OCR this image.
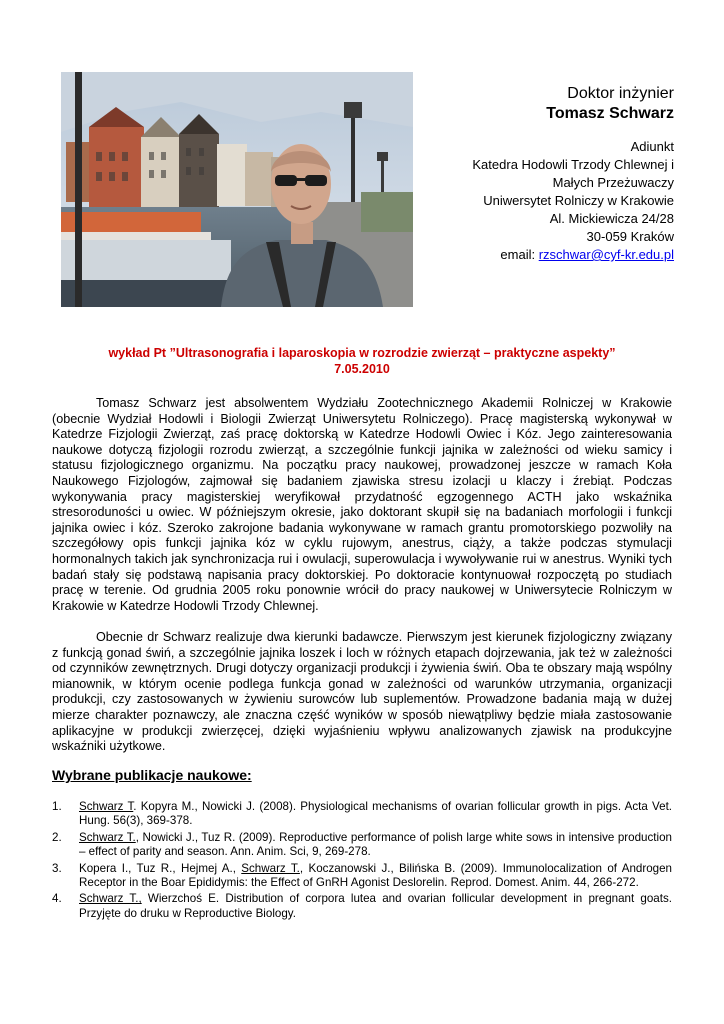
Doktor inżynier
Tomasz Schwarz
Adiunkt
Katedra Hodowli Trzody Chlewnej i
Małych Przeżuwaczy
Uniwersytet Rolniczy w Krakowie
Al. Mickiewicza 24/28
30-059 Kraków
email: rzschwar@cyf-kr.edu.pl
wykład Pt ”Ultrasonografia i laparoskopia w rozrodzie zwierząt – praktyczne aspekty”
7.05.2010

Tomasz Schwarz jest absolwentem Wydziału Zootechnicznego Akademii Rolniczej w Krakowie (obecnie Wydział Hodowli i Biologii Zwierząt Uniwersytetu Rolniczego). Pracę magisterską wykonywał w Katedrze Fizjologii Zwierząt, zaś pracę doktorską w Katedrze Hodowli Owiec i Kóz. Jego zainteresowania naukowe dotyczą fizjologii rozrodu zwierząt, a szczególnie funkcji jajnika w zależności od wieku samicy i statusu fizjologicznego organizmu. Na początku pracy naukowej, prowadzonej jeszcze w ramach Koła Naukowego Fizjologów, zajmował się badaniem zjawiska stresu izolacji u klaczy i źrebiąt. Podczas wykonywania pracy magisterskiej weryfikował przydatność egzogennego ACTH jako wskaźnika stresoroduności u owiec. W późniejszym okresie, jako doktorant skupił się na badaniach morfologii i funkcji jajnika owiec i kóz. Szeroko zakrojone badania wykonywane w ramach grantu promotorskiego pozwoliły na szczegółowy opis funkcji jajnika kóz w cyklu rujowym, anestrus, ciąży, a także podczas stymulacji hormonalnych takich jak synchronizacja rui i owulacji, superowulacja i wywoływanie rui w anestrus. Wyniki tych badań stały się podstawą napisania pracy doktorskiej. Po doktoracie kontynuował rozpoczętą po studiach pracę w terenie. Od grudnia 2005 roku ponownie wrócił do pracy naukowej w Uniwersytecie Rolniczym w Krakowie w Katedrze Hodowli Trzody Chlewnej.

Obecnie dr Schwarz realizuje dwa kierunki badawcze. Pierwszym jest kierunek fizjologiczny związany z funkcją gonad świń, a szczególnie jajnika loszek i loch w różnych etapach dojrzewania, jak też w zależności od czynników zewnętrznych. Drugi dotyczy organizacji produkcji i żywienia świń. Oba te obszary mają wspólny mianownik, w którym ocenie podlega funkcja gonad w zależności od warunków utrzymania, organizacji produkcji, czy zastosowanych w żywieniu surowców lub suplementów. Prowadzone badania mają w dużej mierze charakter poznawczy, ale znaczna część wyników w sposób niewątpliwy będzie miała zastosowanie aplikacyjne w produkcji zwierzęcej, dzięki wyjaśnieniu wpływu analizowanych zjawisk na produkcyjne wskaźniki użytkowe.

Wybrane publikacje naukowe:
1.	Schwarz T. Kopyra M., Nowicki J. (2008). Physiological mechanisms of ovarian follicular growth in pigs. Acta Vet. Hung. 56(3), 369-378.
2.	Schwarz T., Nowicki J., Tuz R. (2009). Reproductive performance of polish large white sows in intensive production – effect of parity and season. Ann. Anim. Sci, 9, 269-278.
3.	Kopera I., Tuz R., Hejmej A., Schwarz T., Koczanowski J., Bilińska B. (2009). Immunolocalization of Androgen Receptor in the Boar Epididymis: the Effect of GnRH Agonist Deslorelin. Reprod. Domest. Anim. 44, 266-272.
4.	Schwarz T., Wierzchoś E. Distribution of corpora lutea and ovarian follicular development in pregnant goats. Przyjęte do druku w Reproductive Biology.
